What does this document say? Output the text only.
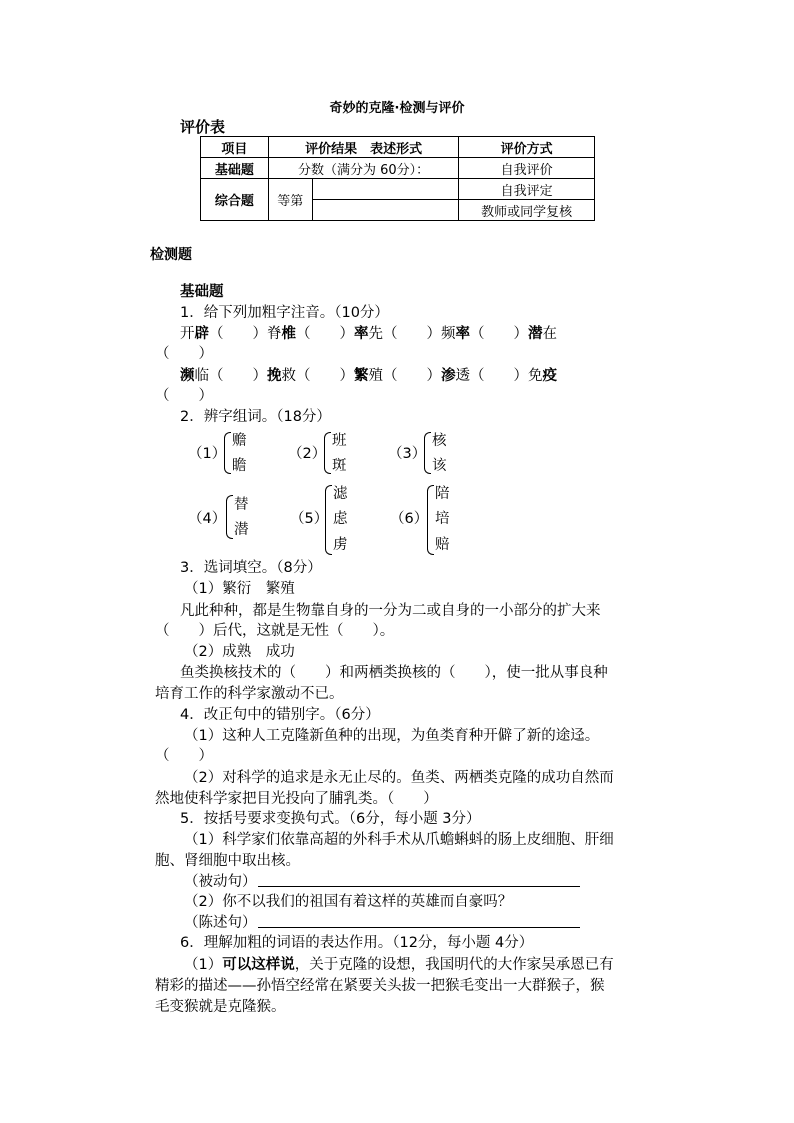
奇妙的克隆·检测与评价
评价表
项目	评价结果　表述形式		评价方式
基础题	分数（满分为 60分）：		自我评价
综合题	等第		自我评定
			教师或同学复核
检测题
基础题
1．给下列加粗字注音。（10分）
开辟（　　）脊椎（　　）率先（　　）频率（　　）潜在
（　　）
濒临（　　）挽救（　　）繁殖（　　）渗透（　　）免疫
（　　）
2．辨字组词。（18分）
（1）
赡
瞻
（2）
班
斑
（3）
核
该
（4）
替
潜
（5）
滤
虑
虏
（6）
陪
培
赔
3．选词填空。（8分）
（1）繁衍　繁殖
凡此种种，都是生物靠自身的一分为二或自身的一小部分的扩大来
（　　）后代，这就是无性（　　）。
（2）成熟　成功
鱼类换核技术的（　　）和两栖类换核的（　　），使一批从事良种
培育工作的科学家激动不已。
4．改正句中的错别字。（6分）
（1）这种人工克隆新鱼种的出现，为鱼类育种开僻了新的途迳。
（　　）
（2）对科学的追求是永无止尽的。鱼类、两栖类克隆的成功自然而
然地使科学家把目光投向了脯乳类。（　　）
5．按括号要求变换句式。（6分，每小题 3分）
（1）科学家们依靠高超的外科手术从爪蟾蝌蚪的肠上皮细胞、肝细
胞、肾细胞中取出核。
（被动句）
（2）你不以我们的祖国有着这样的英雄而自豪吗？
（陈述句）
6．理解加粗的词语的表达作用。（12分，每小题 4分）
（1）可以这样说，关于克隆的设想，我国明代的大作家吴承恩已有
精彩的描述——孙悟空经常在紧要关头拔一把猴毛变出一大群猴子，猴
毛变猴就是克隆猴。
